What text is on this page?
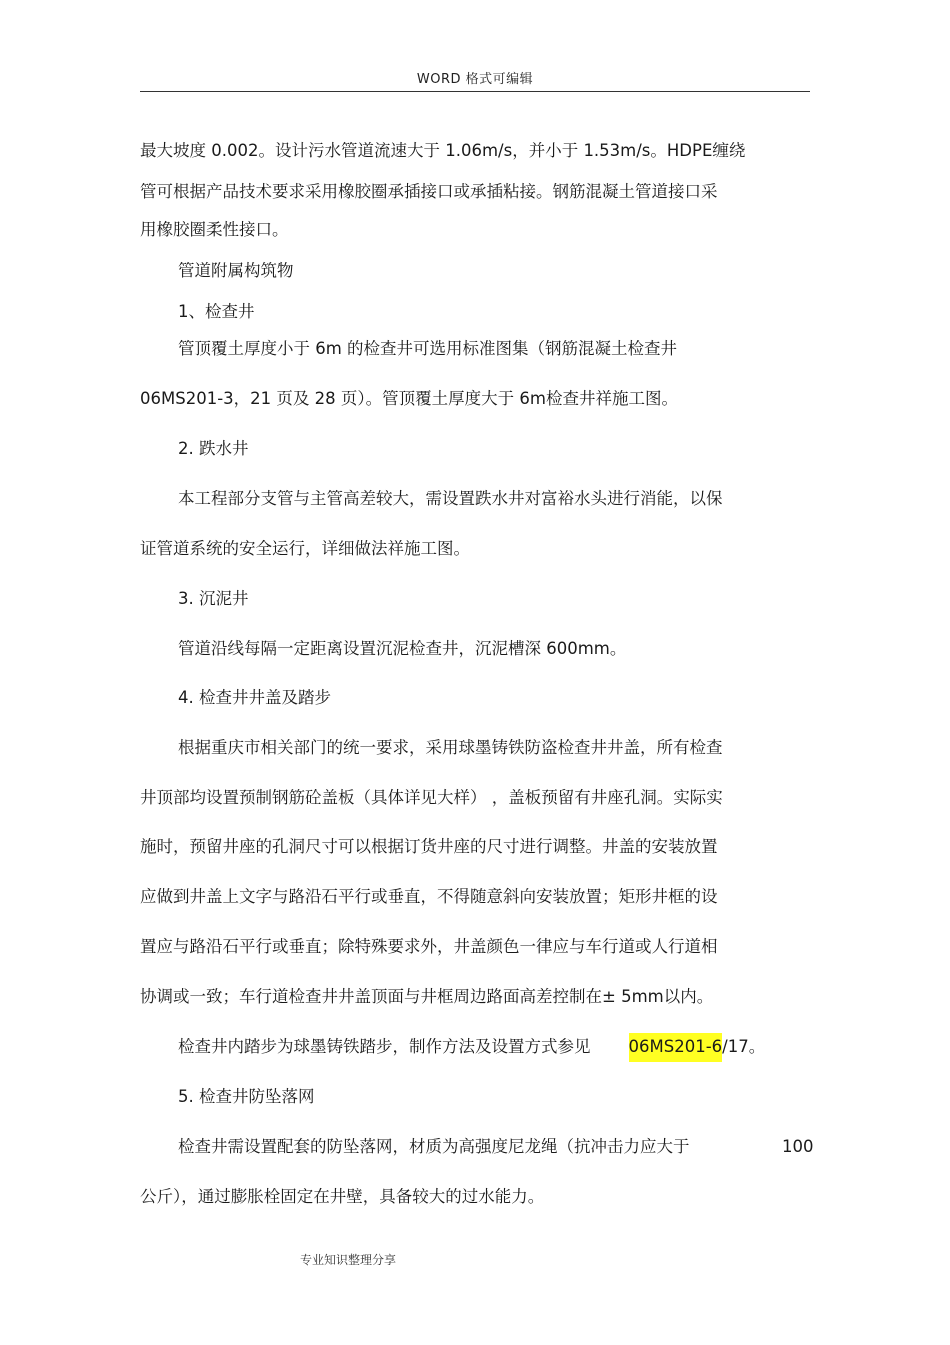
WORD 格式可编辑
最大坡度 0.002。设计污水管道流速大于 1.06m/s，并小于 1.53m/s。HDPE缠绕
管可根据产品技术要求采用橡胶圈承插接口或承插粘接。钢筋混凝土管道接口采
用橡胶圈柔性接口。
管道附属构筑物
1、检查井
管顶覆土厚度小于 6m 的检查井可选用标准图集（钢筋混凝土检查井
06MS201-3，21 页及 28 页）。管顶覆土厚度大于 6m检查井祥施工图。
2. 跌水井
本工程部分支管与主管高差较大，需设置跌水井对富裕水头进行消能，以保
证管道系统的安全运行，详细做法祥施工图。
3. 沉泥井
管道沿线每隔一定距离设置沉泥检查井，沉泥槽深 600mm。
4. 检查井井盖及踏步
根据重庆市相关部门的统一要求，采用球墨铸铁防盗检查井井盖，所有检查
井顶部均设置预制钢筋砼盖板（具体详见大样） ，盖板预留有井座孔洞。实际实
施时，预留井座的孔洞尺寸可以根据订货井座的尺寸进行调整。井盖的安装放置
应做到井盖上文字与路沿石平行或垂直，不得随意斜向安装放置；矩形井框的设
置应与路沿石平行或垂直；除特殊要求外，井盖颜色一律应与车行道或人行道相
协调或一致；车行道检查井井盖顶面与井框周边路面高差控制在± 5mm以内。
检查井内踏步为球墨铸铁踏步，制作方法及设置方式参见 06MS201-6/17。
5. 检查井防坠落网
检查井需设置配套的防坠落网，材质为高强度尼龙绳（抗冲击力应大于	100
公斤），通过膨胀栓固定在井壁，具备较大的过水能力。
专业知识整理分享
